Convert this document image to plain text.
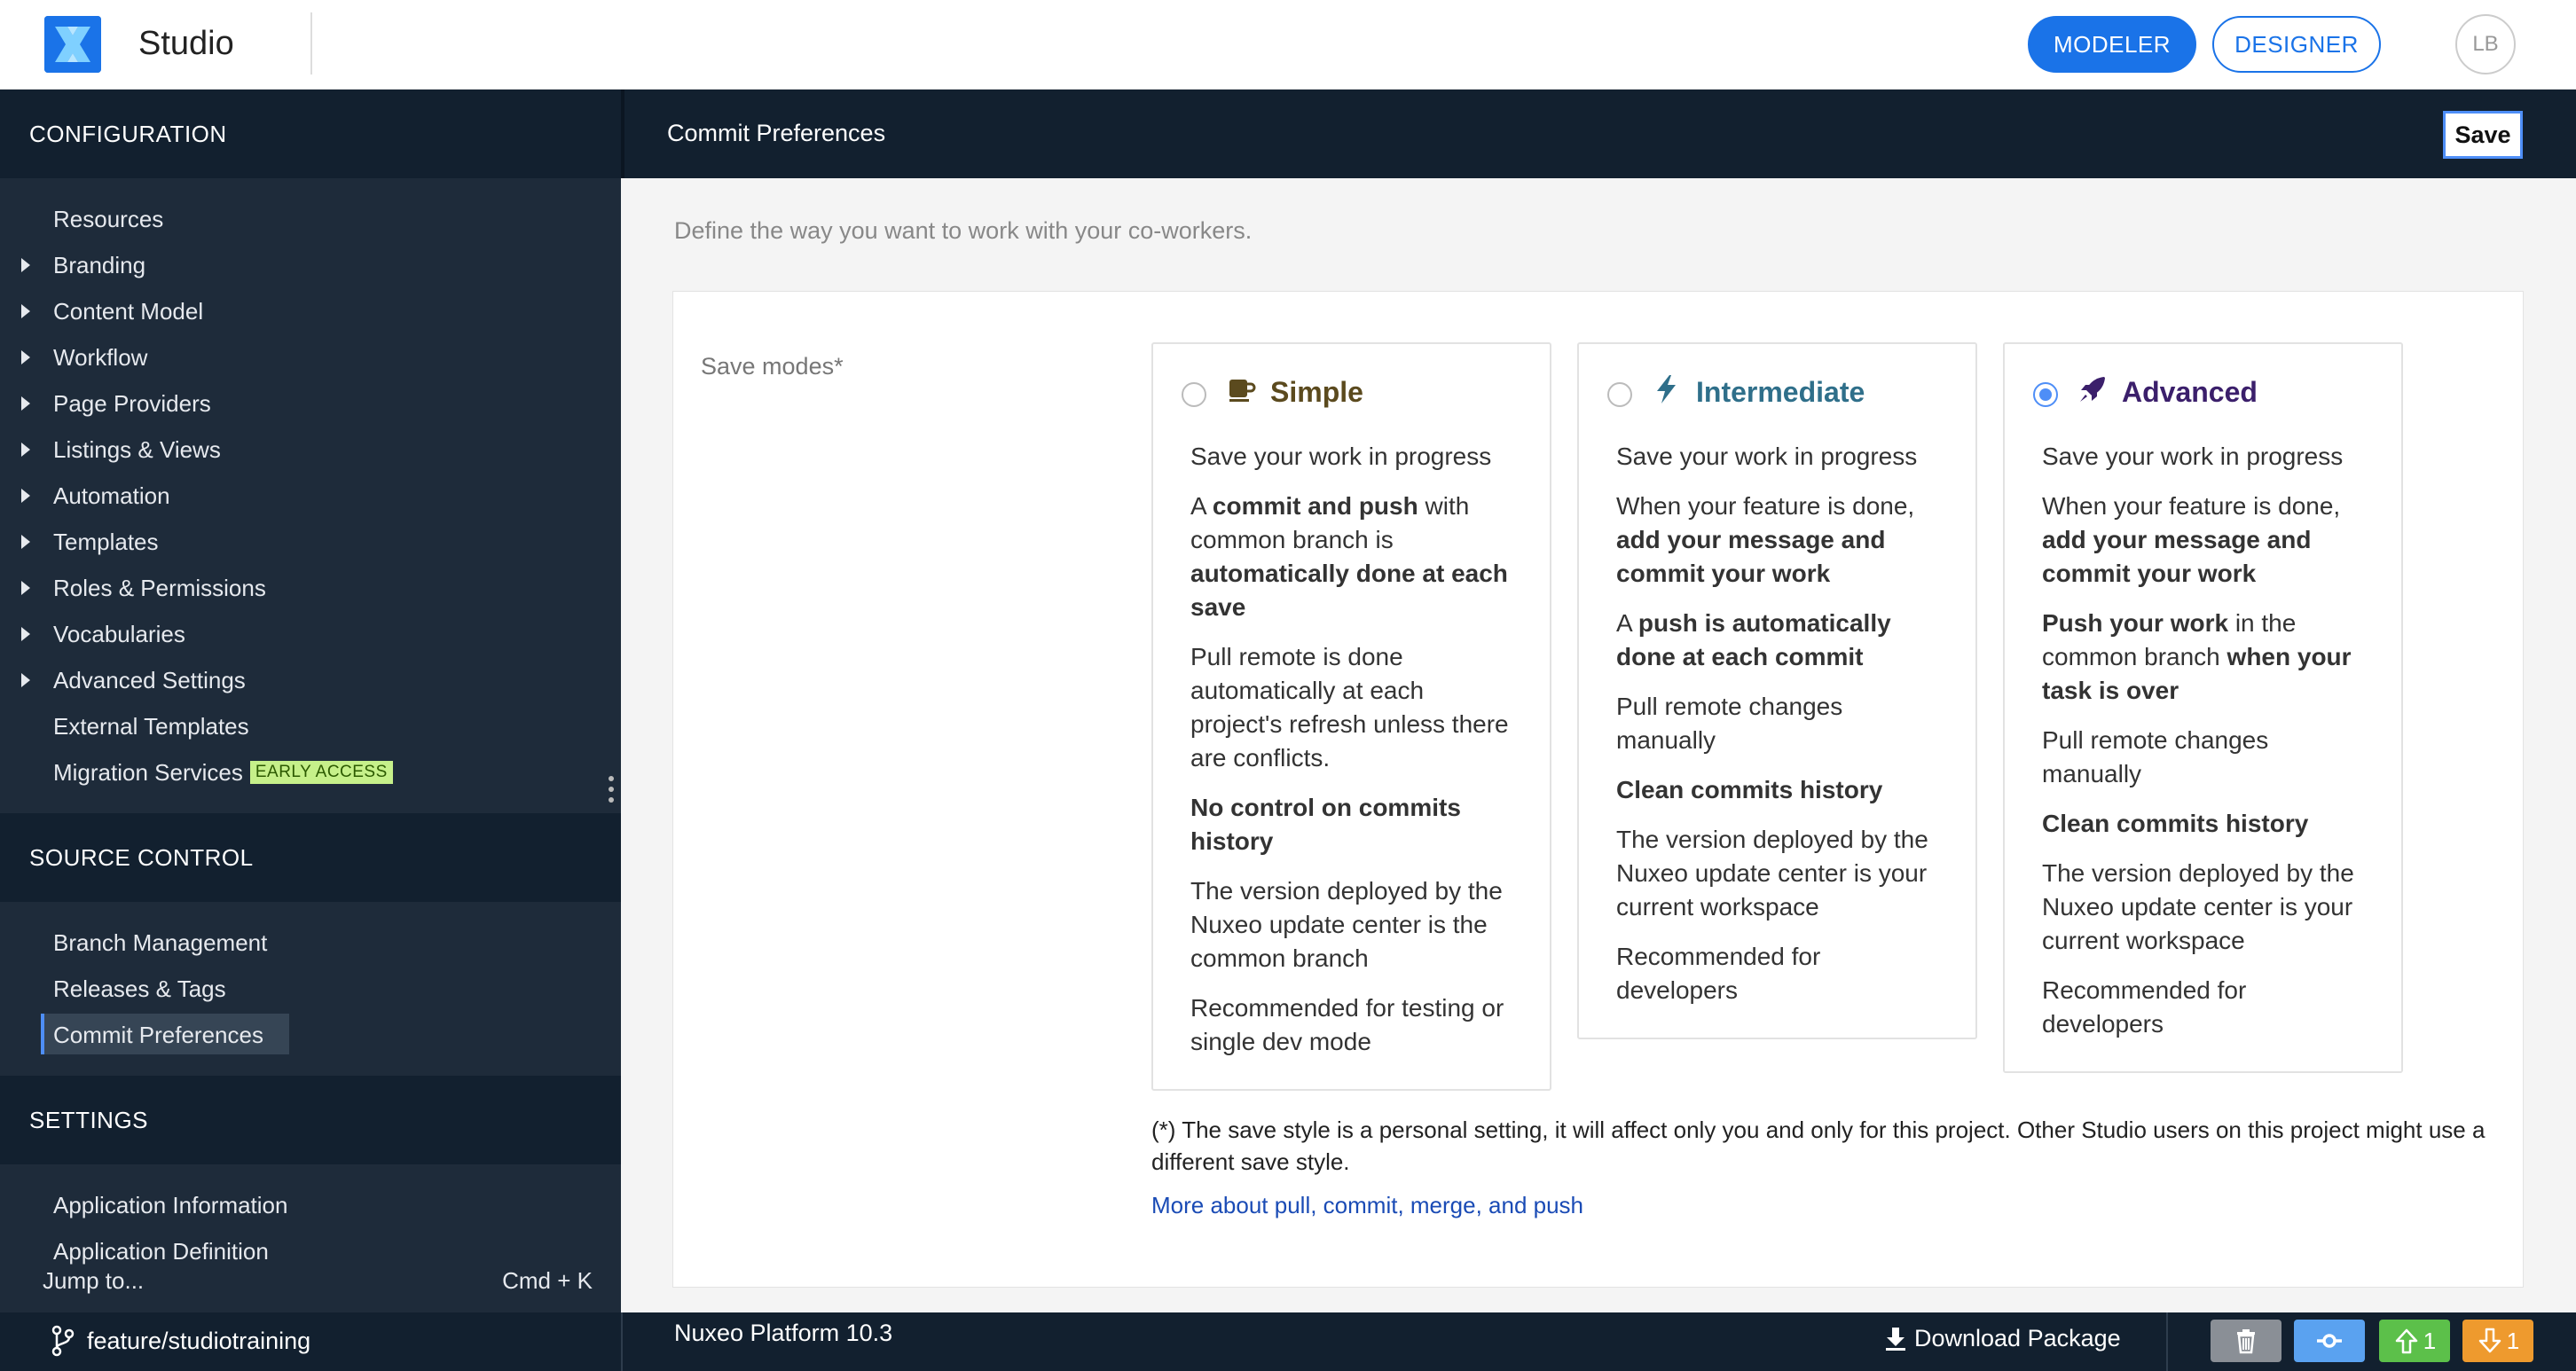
Studio	MODELER	DESIGNER	LB
CONFIGURATION
Resources
Branding
Content Model
Workflow
Page Providers
Listings & Views
Automation
Templates
Roles & Permissions
Vocabularies
Advanced Settings
External Templates
Migration Services EARLY ACCESS
SOURCE CONTROL
Branch Management
Releases & Tags
Commit Preferences
SETTINGS
Application Information
Application Definition
Jump to...	Cmd + K
Commit Preferences	Save
Define the way you want to work with your co-workers.
Save modes*
Simple

Save your work in progress

A commit and push with common branch is automatically done at each save

Pull remote is done automatically at each project's refresh unless there are conflicts.

No control on commits history

The version deployed by the Nuxeo update center is the common branch

Recommended for testing or single dev mode

Intermediate

Save your work in progress

When your feature is done, add your message and commit your work

A push is automatically done at each commit

Pull remote changes manually

Clean commits history

The version deployed by the Nuxeo update center is your current workspace

Recommended for developers

Advanced

Save your work in progress

When your feature is done, add your message and commit your work

Push your work in the common branch when your task is over

Pull remote changes manually

Clean commits history

The version deployed by the Nuxeo update center is your current workspace

Recommended for developers

(*) The save style is a personal setting, it will affect only you and only for this project. Other Studio users on this project might use a different save style.
More about pull, commit, merge, and push
feature/studiotraining	Nuxeo Platform 10.3	Download Package	1	1
